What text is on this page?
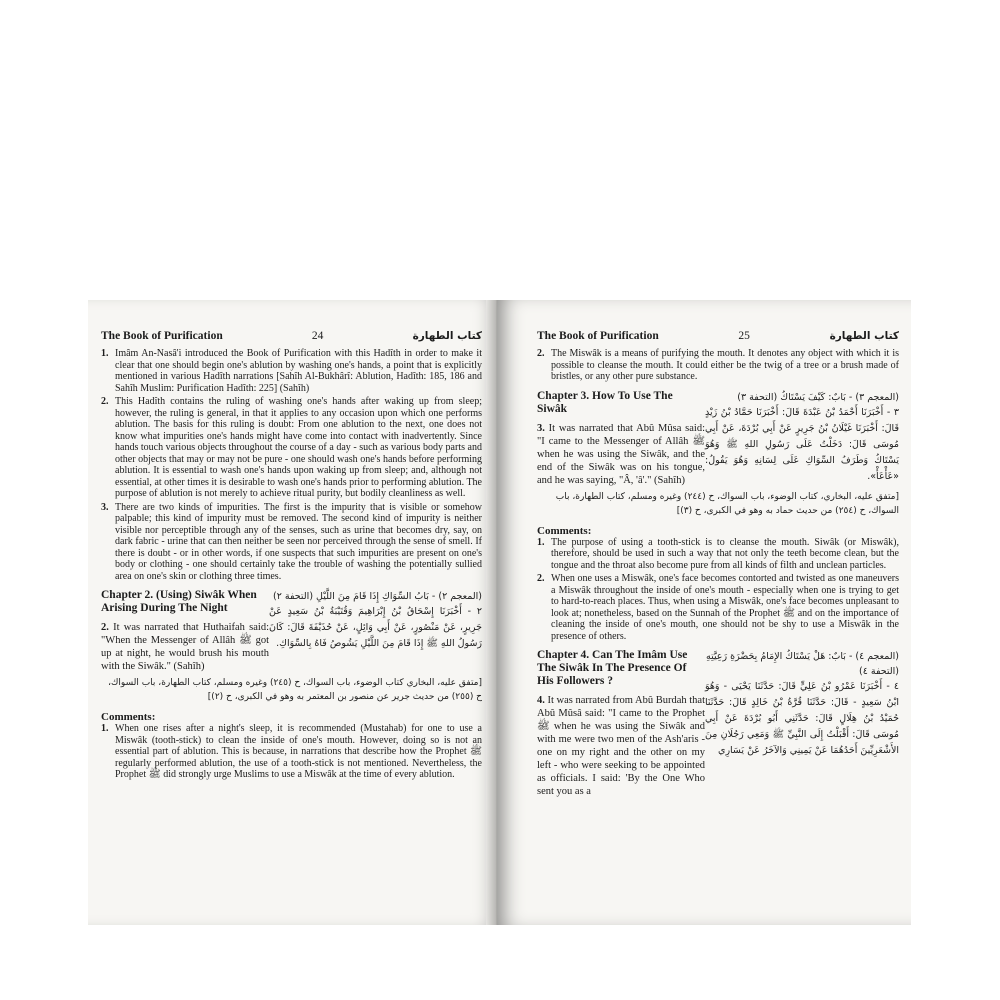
The Book of Purification	24	كتاب الطهارة
1. Imâm An-Nasâ'i introduced the Book of Purification with this Hadîth in order to make it clear that one should begin one's ablution by washing one's hands, a point that is explicitly mentioned in various Hadîth narrations [Sahîh Al-Bukhârî: Ablution, Hadîth: 185, 186 and Sahîh Muslim: Purification Hadîth: 225] (Sahîh)
2. This Hadîth contains the ruling of washing one's hands after waking up from sleep; however, the ruling is general, in that it applies to any occasion upon which one performs ablution. The basis for this ruling is doubt: From one ablution to the next, one does not know what impurities one's hands might have come into contact with inadvertently. Since hands touch various objects throughout the course of a day - such as various body parts and other objects that may or may not be pure - one should wash one's hands before performing ablution. It is essential to wash one's hands upon waking up from sleep; and, although not essential, at other times it is desirable to wash one's hands prior to performing ablution. The purpose of ablution is not merely to achieve ritual purity, but bodily cleanliness as well.
3. There are two kinds of impurities. The first is the impurity that is visible or somehow palpable; this kind of impurity must be removed. The second kind of impurity is neither visible nor perceptible through any of the senses, such as urine that becomes dry, say, on dark fabric - urine that can then neither be seen nor perceived through the sense of smell. If there is doubt - or in other words, if one suspects that such impurities are present on one's body or clothing - one should certainly take the trouble of washing the potentially sullied area on one's skin or clothing three times.
Chapter 2. (Using) Siwâk When Arising During The Night
2. It was narrated that Huthaifah said: "When the Messenger of Allâh ﷺ got up at night, he would brush his mouth with the Siwâk." (Sahîh)
(المعجم ٢) - بَابُ السِّوَاكِ إِذَا قَامَ مِنَ اللَّيْلِ (التحفة ٢)
٢ - أَخْبَرَنَا إِسْحَاقُ بْنُ إِبْرَاهِيمَ وَقُتَيْبَةُ بْنُ سَعِيدٍ عَنْ جَرِيرٍ، عَنْ مَنْصُورٍ، عَنْ أَبِي وَائِلٍ، عَنْ حُذَيْفَةَ قَالَ: كَانَ رَسُولُ اللهِ ﷺ إِذَا قَامَ مِنَ اللَّيْلِ يَشُوصُ فَاهُ بِالسِّوَاكِ.
[متفق عليه، البخاري كتاب الوضوء، باب السواك، ح (٢٤٥) وغيره ومسلم، كتاب الطهارة، باب السواك، ح (٢٥٥) من حديث جرير عن منصور بن المعتمر به وهو في الكبرى، ح (٢)]
Comments:
1. When one rises after a night's sleep, it is recommended (Mustahab) for one to use a Miswâk (tooth-stick) to clean the inside of one's mouth. However, doing so is not an essential part of ablution. This is because, in narrations that describe how the Prophet ﷺ regularly performed ablution, the use of a tooth-stick is not mentioned. Nevertheless, the Prophet ﷺ did strongly urge Muslims to use a Miswâk at the time of every ablution.
The Book of Purification	25	كتاب الطهارة
2. The Miswâk is a means of purifying the mouth. It denotes any object with which it is possible to cleanse the mouth. It could either be the twig of a tree or a brush made of bristles, or any other pure substance.
Chapter 3. How To Use The Siwâk
3. It was narrated that Abû Mûsa said: "I came to the Messenger of Allâh ﷺ when he was using the Siwâk, and the end of the Siwâk was on his tongue, and he was saying, "Â, 'â'." (Sahîh)
(المعجم ٣) - بَابٌ: كَيْفَ يَسْتَاكُ (التحفة ٣)
٣ - أَخْبَرَنَا أَحْمَدُ بْنُ عَبْدَةَ قَالَ: أَخْبَرَنَا حَمَّادُ بْنُ زَيْدٍ قَالَ: أَخْبَرَنَا غَيْلَانُ بْنُ جَرِيرٍ عَنْ أَبِي بُرْدَةَ، عَنْ أَبِي مُوسَى قَالَ: دَخَلْتُ عَلَى رَسُولِ اللهِ ﷺ وَهُوَ يَسْتَاكُ وَطَرَفُ السِّوَاكِ عَلَى لِسَانِهِ وَهُوَ يَقُولُ: «عَأْعَأْ».
[متفق عليه، البخاري، كتاب الوضوء، باب السواك، ح (٢٤٤) وغيره ومسلم، كتاب الطهارة، باب السواك، ح (٢٥٤) من حديث حماد به وهو في الكبرى، ح (٣)]
Comments:
1. The purpose of using a tooth-stick is to cleanse the mouth. Siwâk (or Miswâk), therefore, should be used in such a way that not only the teeth become clean, but the tongue and the throat also become pure from all kinds of filth and unclean particles.
2. When one uses a Miswâk, one's face becomes contorted and twisted as one maneuvers a Miswâk throughout the inside of one's mouth - especially when one is trying to get to hard-to-reach places. Thus, when using a Miswâk, one's face becomes unpleasant to look at; nonetheless, based on the Sunnah of the Prophet ﷺ and on the importance of cleaning the inside of one's mouth, one should not be shy to use a Miswâk in the presence of others.
Chapter 4. Can The Imâm Use The Siwâk In The Presence Of His Followers ?
4. It was narrated from Abû Burdah that Abû Mûsâ said: "I came to the Prophet ﷺ when he was using the Siwâk and with me were two men of the Ash'aris - one on my right and the other on my left - who were seeking to be appointed as officials. I said: 'By the One Who sent you as a
(المعجم ٤) - بَابٌ: هَلْ يَسْتَاكُ الإِمَامُ بِحَضْرَةِ رَعِيَّتِهِ (التحفة ٤)
٤ - أَخْبَرَنَا عَمْرُو بْنُ عَلِيٍّ قَالَ: حَدَّثَنَا يَحْيَى - وَهُوَ ابْنُ سَعِيدٍ - قَالَ: حَدَّثَنَا قُرَّةُ بْنُ خَالِدٍ قَالَ: حَدَّثَنَا حُمَيْدُ بْنُ هِلَالٍ قَالَ: حَدَّثَنِي أَبُو بُرْدَةَ عَنْ أَبِي مُوسَى قَالَ: أَقْبَلْتُ إِلَى النَّبِيِّ ﷺ وَمَعِي رَجُلَانِ مِنَ الأَشْعَرِيِّينَ أَحَدُهُمَا عَنْ يَمِينِي وَالآخَرُ عَنْ يَسَارِي
